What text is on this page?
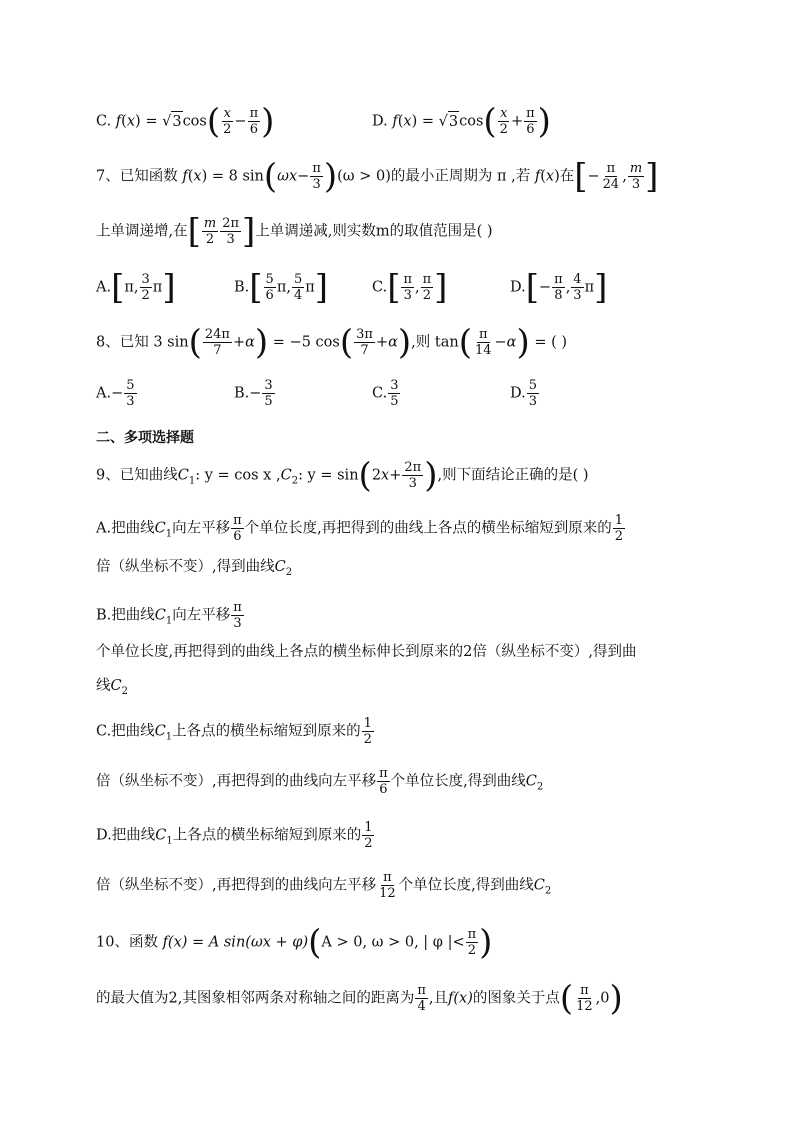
C. $f(x) = √3\cos( \frac{x}{2} - \frac{\pi}{6}$ )	D. $f(x) = √3\cos( \frac{x}{2} + \frac{\pi}{6}$ )
7、已知函数 f(x) = 8 $\sin(\omega x- \frac{\pi}{3} )(\omega > 0)$的最小正周期为 π ,若 f(x)在[− $\frac{\pi}{24}$ , $\frac{m}{3}$ ]
上单调递增,在[ $\frac{m}{2} \frac{2\pi}{3}$ ]上单调递减,则实数m的取值范围是( )
A.[π, $\frac{3}{2} \pi$]	$B.[ \frac{5}{6} \pi$, $\frac{5}{4} \pi$]	$C.[ \frac{\pi}{3}$ , $\frac{\pi}{2}$ ]	$D.[- \frac{\pi}{8}$ , $\frac{4}{3} \pi$]
8、已知 3 $\sin( \frac{24\pi}{7} +\alpha) = -5$ $\cos( \frac{3\pi}{7} +\alpha)$,则 $\tan( \frac{\pi}{14} -\alpha)$ = ( )
$A.- \frac{5}{3}$	$B.- \frac{3}{5}$	C. $\frac{3}{5}$	D. $\frac{5}{3}$
二、多项选择题
9、已知曲线$C_1$: y = cos x $,C_2$: $y = \sin(2x+ \frac{2\pi}{3}$ ),则下面结论正确的是( )
A.把曲线$C_1$向左平移 $\frac{\pi}{6}$ 个单位长度,再把得到的曲线上各点的横坐标缩短到原来的 $\frac{1}{2}$
倍（纵坐标不变）,得到曲线$C_2$
B.把曲线$C_1$向左平移 $\frac{\pi}{3}$
个单位长度,再把得到的曲线上各点的横坐标伸长到原来的2倍（纵坐标不变）,得到曲
线$C_2$
C.把曲线$C_1$上各点的横坐标缩短到原来的 $\frac{1}{2}$
倍（纵坐标不变）,再把得到的曲线向左平移 $\frac{\pi}{6}$ 个单位长度,得到曲线$C_2$
D.把曲线$C_1$上各点的横坐标缩短到原来的 $\frac{1}{2}$
倍（纵坐标不变）,再把得到的曲线向左平移 $\frac{\pi}{12}$ 个单位长度,得到曲线$C_2$
10、函数 f(x) = A sin(ωx + φ)(A > 0, ω > 0, | φ |< $\frac{\pi}{2}$ )
的最大值为2,其图象相邻两条对称轴之间的距离为 $\frac{\pi}{4}$ ,且f(x)的图象关于点( $\frac{\pi}{12} ,0$)
